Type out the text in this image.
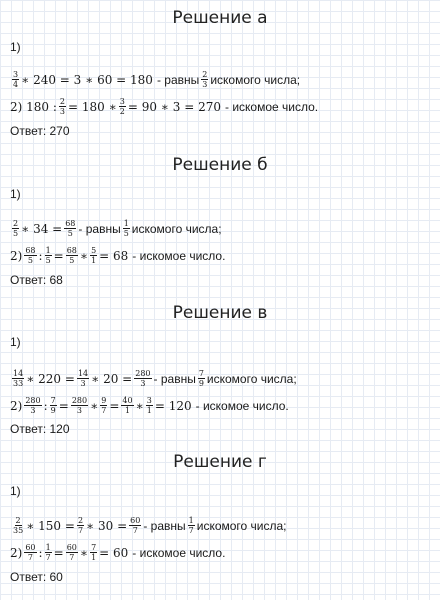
Решение а
1)
$\frac{3}{4}$ ∗ 240 = 3 ∗ 60 = 180 - равны $\frac{2}{3}$ искомого числа;
2) 180 : $\frac{2}{3} = 180$ ∗ $\frac{3}{2} = 90$ ∗ 3 = 270 - искомое число.
Ответ: 270
Решение б
1)
$\frac{2}{5}$ ∗ $34 = \frac{68}{5}$ - равны $\frac{1}{5}$ искомого числа;
$2) \frac{68}{5}$ : $\frac{1}{5} = \frac{68}{5}$ ∗ $\frac{5}{1} = 68$ - искомое число.
Ответ: 68
Решение в
1)
$\frac{14}{33}$ ∗ $220 = \frac{14}{3}$ ∗ $20 = \frac{280}{3}$ - равны $\frac{7}{9}$ искомого числа;
$2) \frac{280}{3}$ : $\frac{7}{9} = \frac{280}{3}$ ∗ $\frac{9}{7} = \frac{40}{1}$ ∗ $\frac{3}{1} = 120$ - искомое число.
Ответ: 120
Решение г
1)
$\frac{2}{35}$ ∗ $150 = \frac{2}{7}$ ∗ $30 = \frac{60}{7}$ - равны $\frac{1}{7}$ искомого числа;
$2) \frac{60}{7}$ : $\frac{1}{7} = \frac{60}{7}$ ∗ $\frac{7}{1} = 60$ - искомое число.
Ответ: 60
